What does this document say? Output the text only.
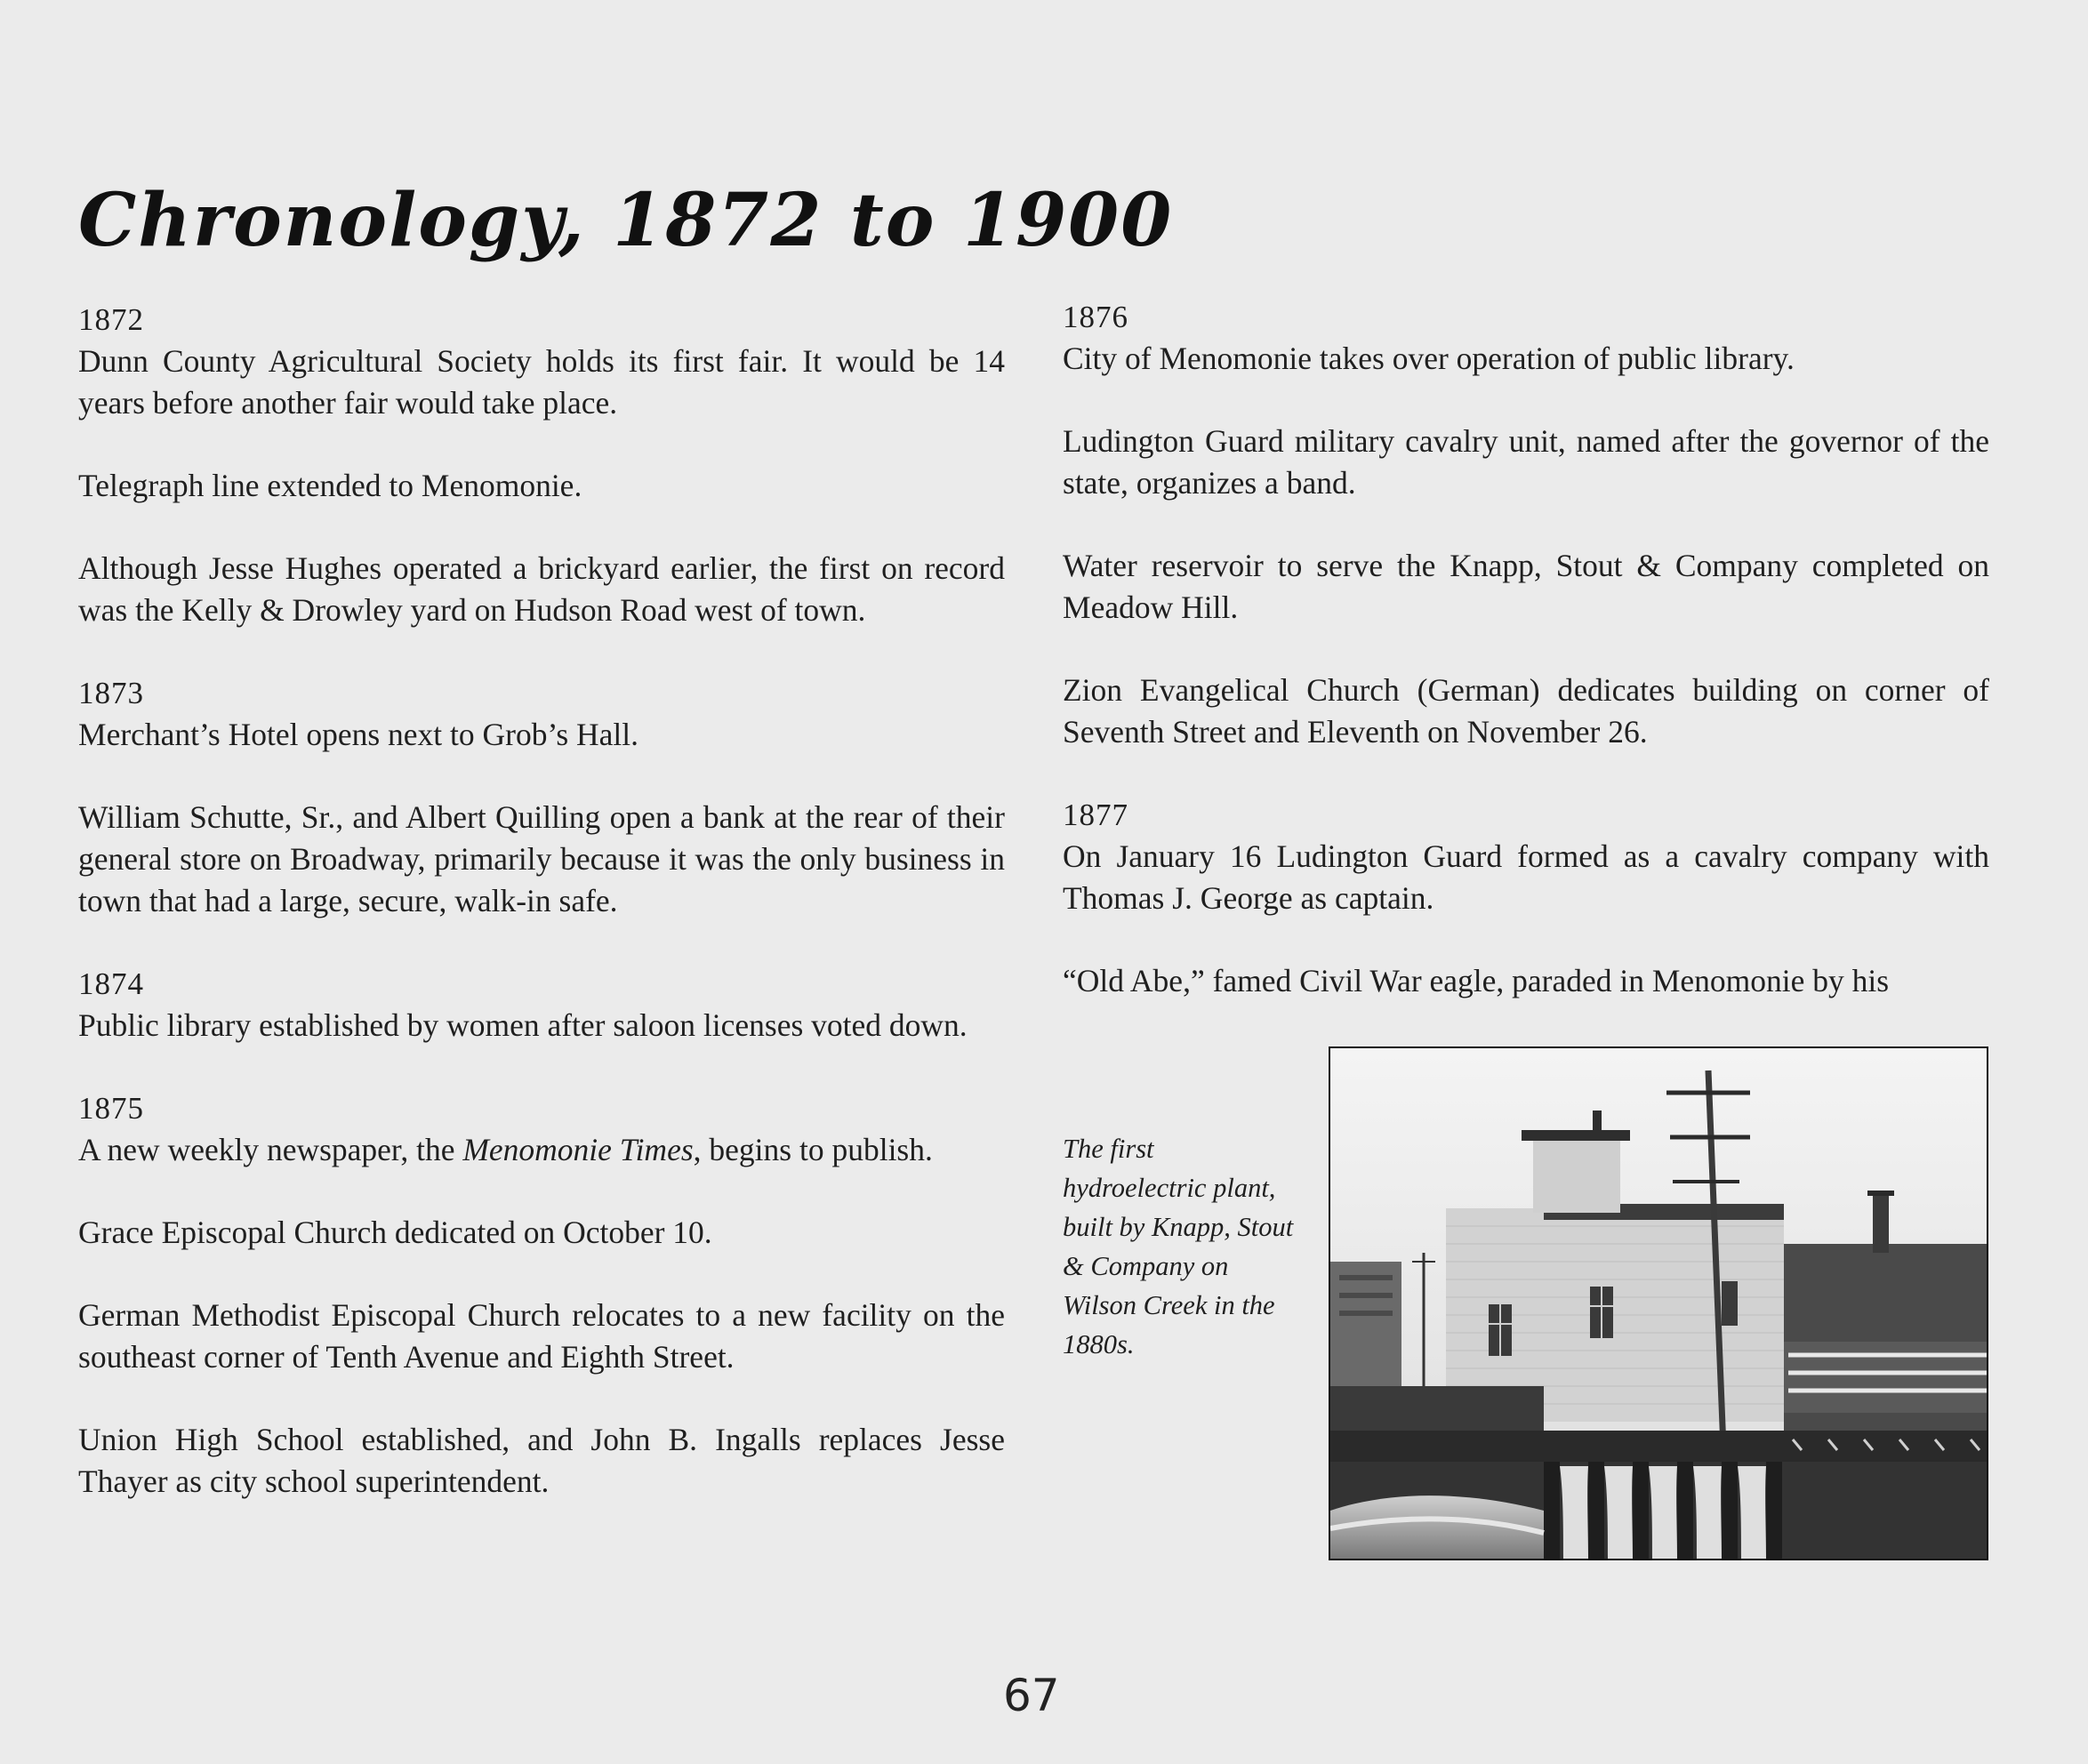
Chronology, 1872 to 1900
1872

Dunn County Agricultural Society holds its first fair. It would be 14 years before another fair would take place.

Telegraph line extended to Menomonie.

Although Jesse Hughes operated a brickyard earlier, the first on record was the Kelly & Drowley yard on Hudson Road west of town.

1873

Merchant’s Hotel opens next to Grob’s Hall.

William Schutte, Sr., and Albert Quilling open a bank at the rear of their general store on Broadway, primarily because it was the only business in town that had a large, secure, walk-in safe.

1874

Public library established by women after saloon licenses voted down.

1875

A new weekly newspaper, the Menomonie Times, begins to publish.

Grace Episcopal Church dedicated on October 10.

German Methodist Episcopal Church relocates to a new facility on the southeast corner of Tenth Avenue and Eighth Street.

Union High School established, and John B. Ingalls replaces Jesse Thayer as city school superintendent.

1876

City of Menomonie takes over operation of public library.

Ludington Guard military cavalry unit, named after the governor of the state, organizes a band.

Water reservoir to serve the Knapp, Stout & Company completed on Meadow Hill.

Zion Evangelical Church (German) dedicates building on corner of Seventh Street and Eleventh on November 26.

1877

On January 16 Ludington Guard formed as a cavalry company with Thomas J. George as captain.

“Old Abe,” famed Civil War eagle, paraded in Menomonie by his

The first hydroelectric plant, built by Knapp, Stout & Company on Wilson Creek in the 1880s.
67
